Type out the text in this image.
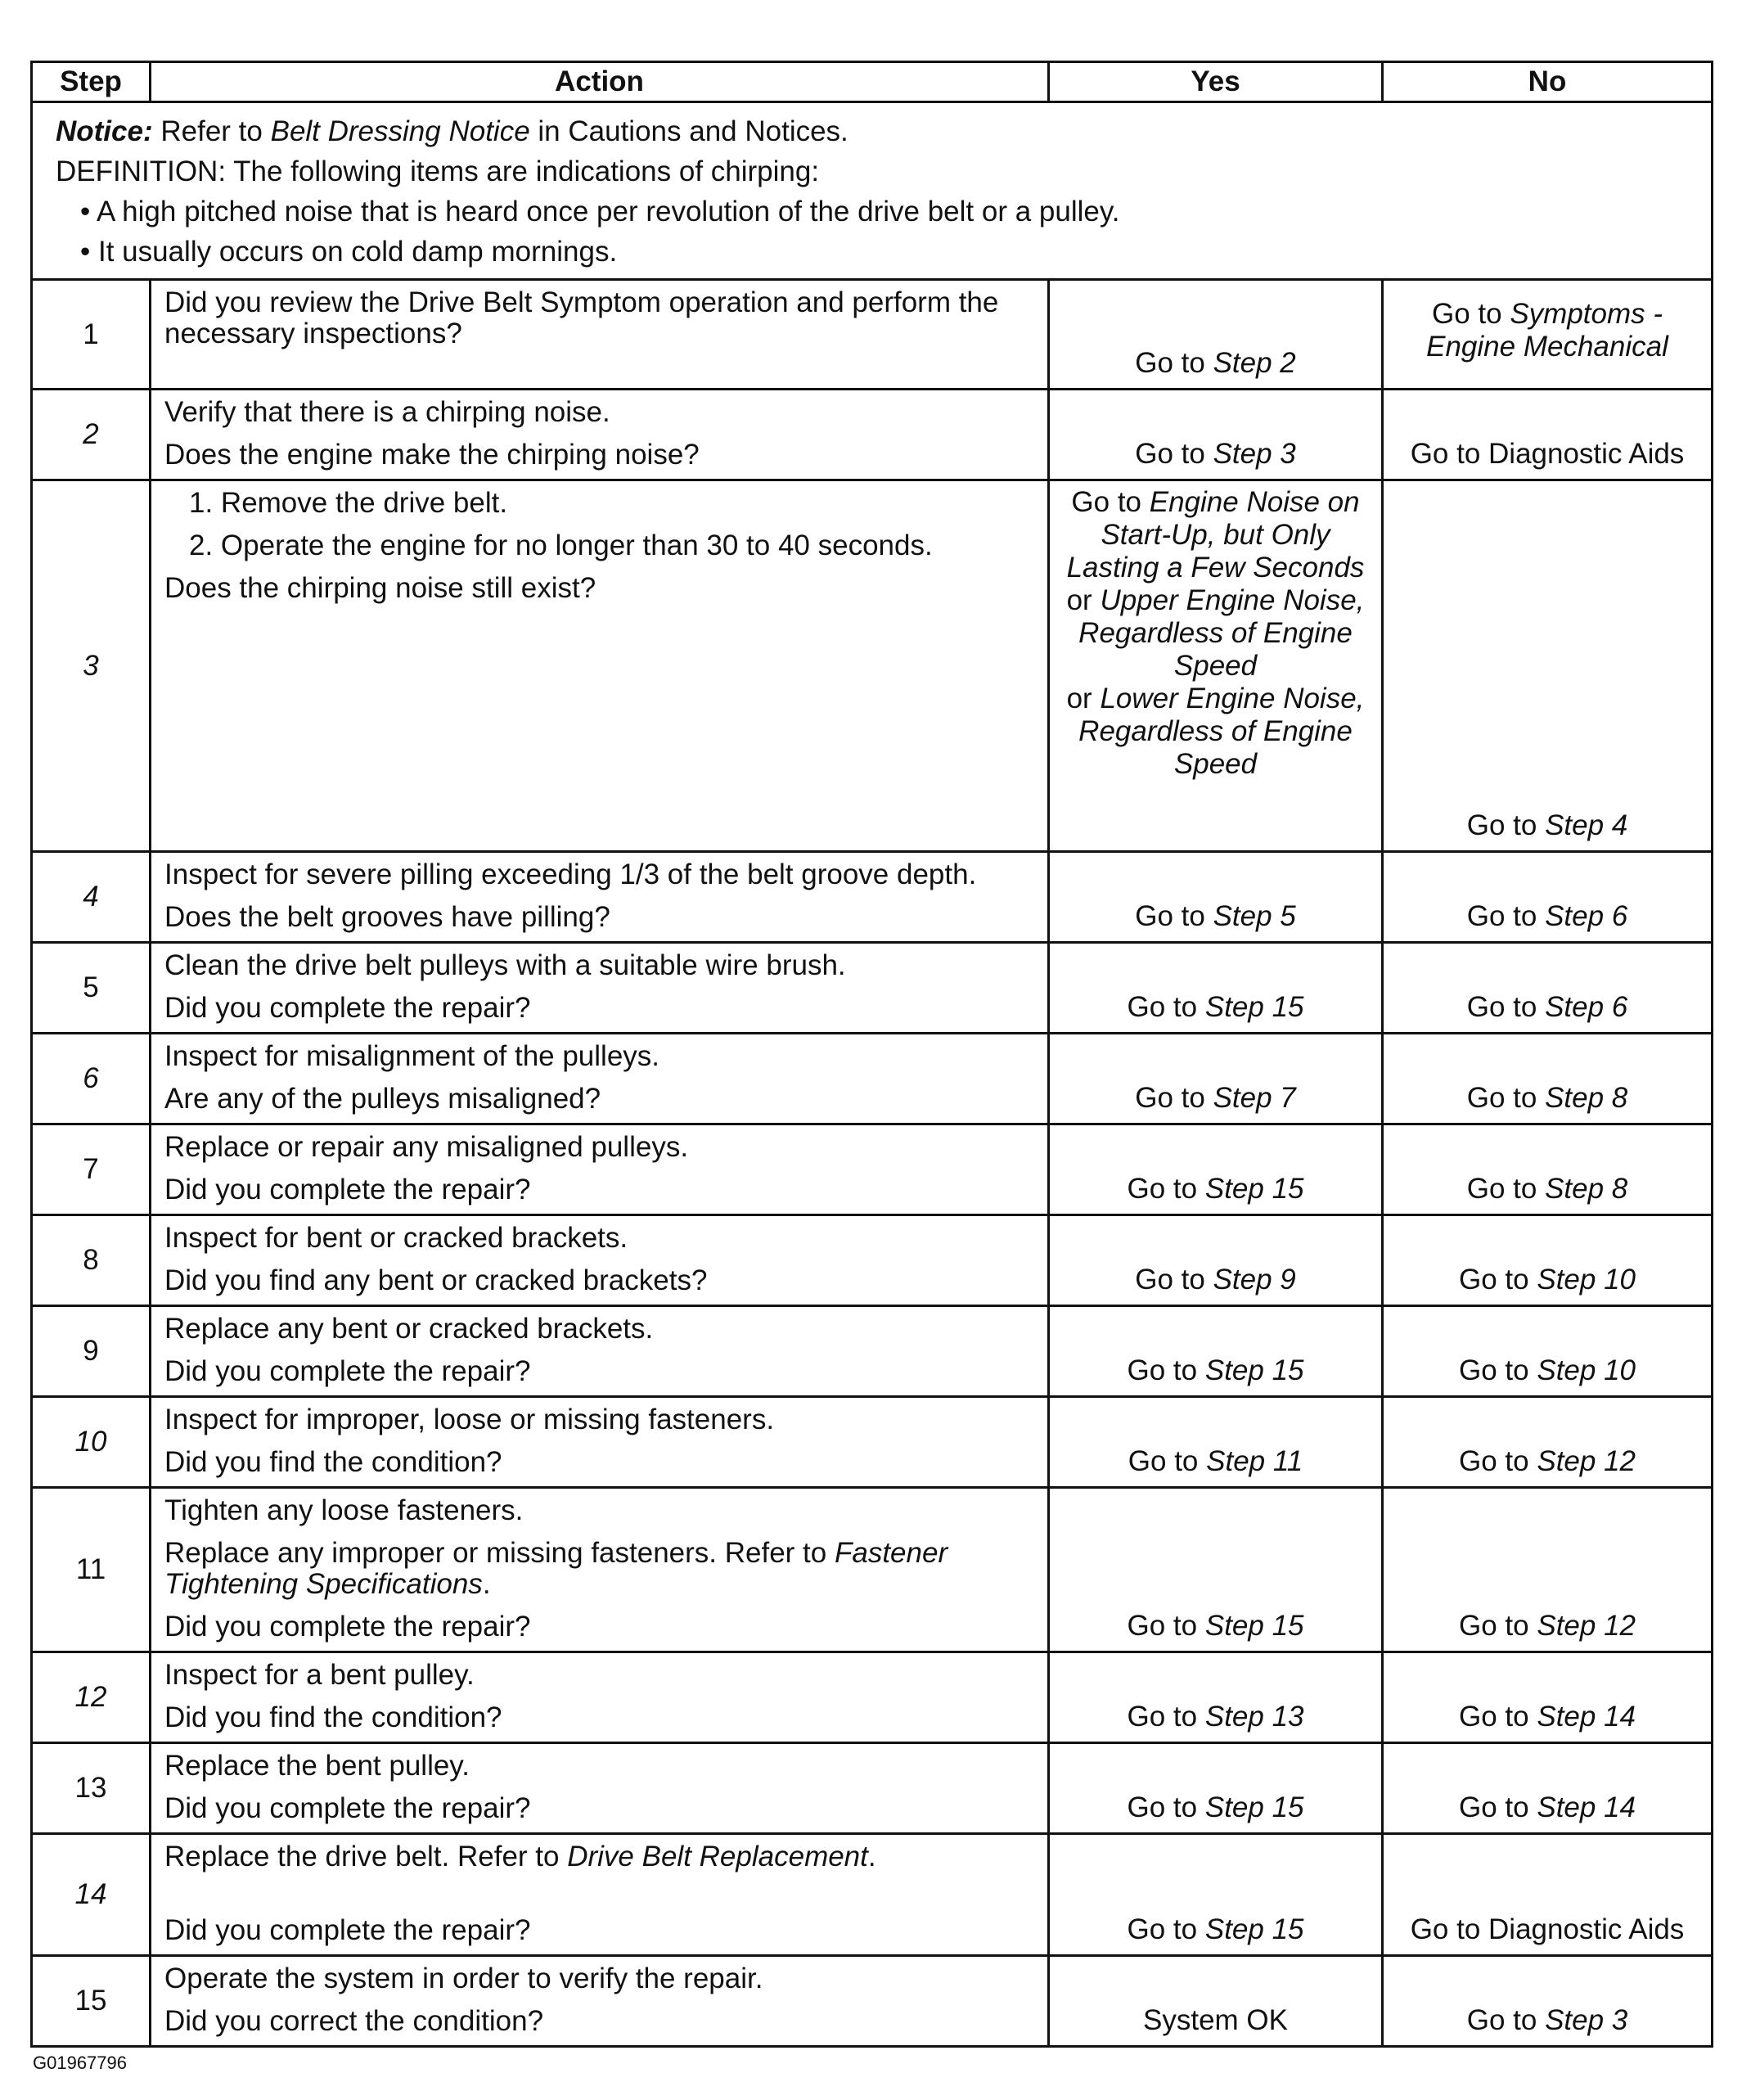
Step	Action	Yes	No

Notice: Refer to Belt Dressing Notice in Cautions and Notices.
DEFINITION: The following items are indications of chirping:
• A high pitched noise that is heard once per revolution of the drive belt or a pulley.
• It usually occurs on cold damp mornings.			

1	Did you review the Drive Belt Symptom operation and perform the necessary inspections?	Go to Step 2	Go to Symptoms - Engine Mechanical
2	Verify that there is a chirping noise.
Does the engine make the chirping noise?	Go to Step 3	Go to Diagnostic Aids
3	1. Remove the drive belt.
2. Operate the engine for no longer than 30 to 40 seconds.
Does the chirping noise still exist?	Go to Engine Noise on Start-Up, but Only Lasting a Few Seconds
or Upper Engine Noise, Regardless of Engine Speed
or Lower Engine Noise, Regardless of Engine Speed	Go to Step 4
4	Inspect for severe pilling exceeding 1/3 of the belt groove depth.
Does the belt grooves have pilling?	Go to Step 5	Go to Step 6
5	Clean the drive belt pulleys with a suitable wire brush.
Did you complete the repair?	Go to Step 15	Go to Step 6
6	Inspect for misalignment of the pulleys.
Are any of the pulleys misaligned?	Go to Step 7	Go to Step 8
7	Replace or repair any misaligned pulleys.
Did you complete the repair?	Go to Step 15	Go to Step 8
8	Inspect for bent or cracked brackets.
Did you find any bent or cracked brackets?	Go to Step 9	Go to Step 10
9	Replace any bent or cracked brackets.
Did you complete the repair?	Go to Step 15	Go to Step 10
10	Inspect for improper, loose or missing fasteners.
Did you find the condition?	Go to Step 11	Go to Step 12
11	Tighten any loose fasteners.
Replace any improper or missing fasteners. Refer to Fastener Tightening Specifications.
Did you complete the repair?	Go to Step 15	Go to Step 12
12	Inspect for a bent pulley.
Did you find the condition?	Go to Step 13	Go to Step 14
13	Replace the bent pulley.
Did you complete the repair?	Go to Step 15	Go to Step 14
14	Replace the drive belt. Refer to Drive Belt Replacement.
Did you complete the repair?	Go to Step 15	Go to Diagnostic Aids
15	Operate the system in order to verify the repair.
Did you correct the condition?	System OK	Go to Step 3
G01967796
